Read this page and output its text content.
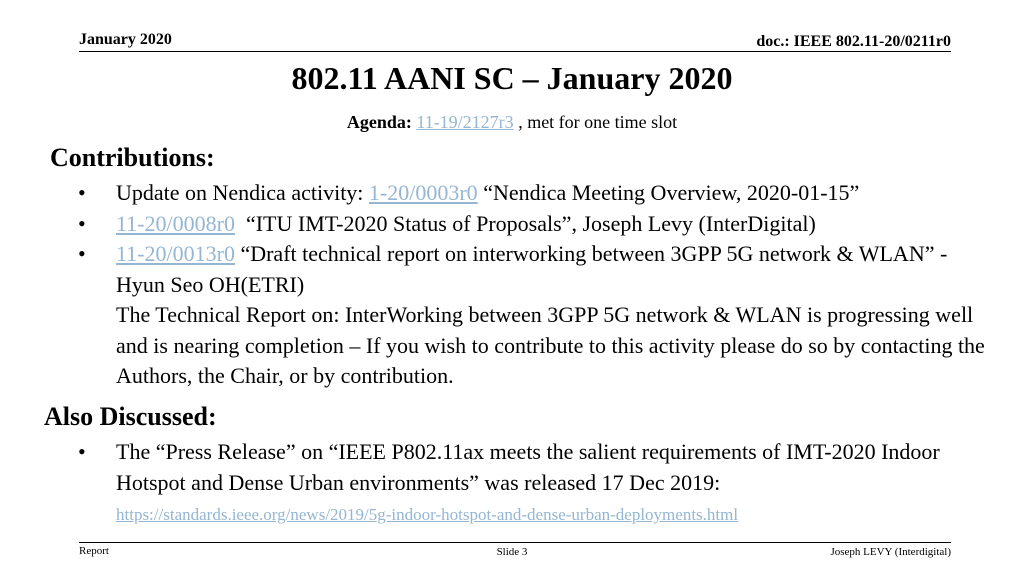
January 2020	doc.: IEEE 802.11-20/0211r0
802.11 AANI SC – January 2020
Agenda: 11-19/2127r3 , met for one time slot
Contributions:
• Update on Nendica activity: 1-20/0003r0 “Nendica Meeting Overview, 2020-01-15”
• 11-20/0008r0  “ITU IMT-2020 Status of Proposals”, Joseph Levy (InterDigital)
• 11-20/0013r0 “Draft technical report on interworking between 3GPP 5G network & WLAN” - Hyun Seo OH(ETRI)
The Technical Report on: InterWorking between 3GPP 5G network & WLAN is progressing well and is nearing completion – If you wish to contribute to this activity please do so by contacting the Authors, the Chair, or by contribution.
Also Discussed:
• The “Press Release” on “IEEE P802.11ax meets the salient requirements of IMT-2020 Indoor Hotspot and Dense Urban environments” was released 17 Dec 2019:
https://standards.ieee.org/news/2019/5g-indoor-hotspot-and-dense-urban-deployments.html
Report	Slide 3	Joseph LEVY (Interdigital)
